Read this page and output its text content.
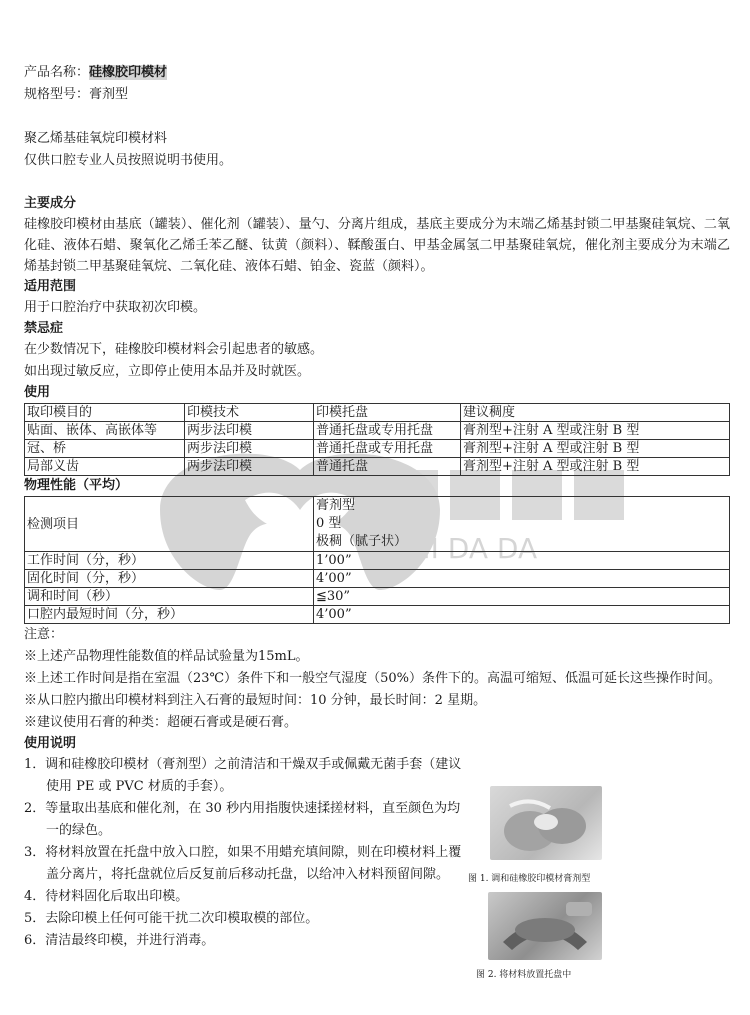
CHI DA DA
产品名称：硅橡胶印模材
规格型号：膏剂型
聚乙烯基硅氧烷印模材料
仅供口腔专业人员按照说明书使用。
主要成分
硅橡胶印模材由基底（罐装）、催化剂（罐装）、量勺、分离片组成，基底主要成分为末端乙烯基封锁二甲基聚硅氧烷、二氧化硅、液体石蜡、聚氧化乙烯壬苯乙醚、钛黄（颜料）、鞣酸蛋白、甲基金属氢二甲基聚硅氧烷，催化剂主要成分为末端乙烯基封锁二甲基聚硅氧烷、二氧化硅、液体石蜡、铂金、瓷蓝（颜料）。
适用范围
用于口腔治疗中获取初次印模。
禁忌症
在少数情况下，硅橡胶印模材料会引起患者的敏感。
如出现过敏反应，立即停止使用本品并及时就医。
使用
取印模目的	印模技术	印模托盘	建议稠度
贴面、嵌体、高嵌体等	两步法印模	普通托盘或专用托盘	膏剂型+注射 A 型或注射 B 型
冠、桥	两步法印模	普通托盘或专用托盘	膏剂型+注射 A 型或注射 B 型
局部义齿	两步法印模	普通托盘	膏剂型+注射 A 型或注射 B 型
物理性能（平均）
检测项目	膏剂型
0 型
极稠（腻子状）

工作时间（分，秒）	1’00”
固化时间（分，秒）	4’00”
调和时间（秒）	≦30”
口腔内最短时间（分，秒）	4’00”
注意：
※上述产品物理性能数值的样品试验量为15mL。
※上述工作时间是指在室温（23℃）条件下和一般空气湿度（50%）条件下的。高温可缩短、低温可延长这些操作时间。
※从口腔内撤出印模材料到注入石膏的最短时间：10 分钟，最长时间：2 星期。
※建议使用石膏的种类：超硬石膏或是硬石膏。
使用说明
1．调和硅橡胶印模材（膏剂型）之前清洁和干燥双手或佩戴无菌手套（建议使用 PE 或 PVC 材质的手套）。
2．等量取出基底和催化剂，在 30 秒内用指腹快速揉搓材料，直至颜色为均一的绿色。
3．将材料放置在托盘中放入口腔，如果不用蜡充填间隙，则在印模材料上覆盖分离片，将托盘就位后反复前后移动托盘，以给冲入材料预留间隙。
4．待材料固化后取出印模。
5．去除印模上任何可能干扰二次印模取模的部位。
6．清洁最终印模，并进行消毒。
图 1. 调和硅橡胶印模材膏剂型
图 2. 将材料放置托盘中
